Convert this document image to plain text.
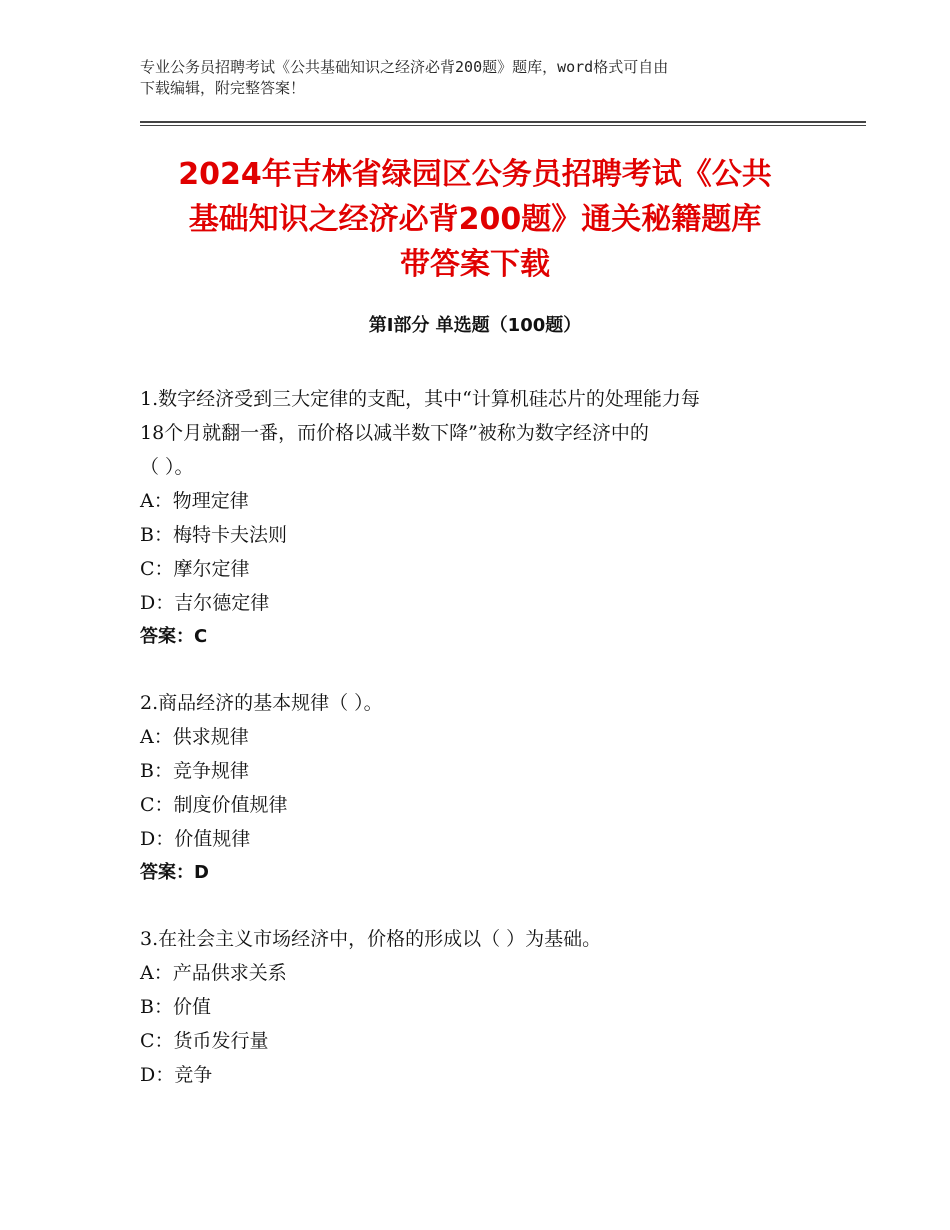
专业公务员招聘考试《公共基础知识之经济必背200题》题库，word格式可自由
下载编辑，附完整答案！
2024年吉林省绿园区公务员招聘考试《公共
基础知识之经济必背200题》通关秘籍题库
带答案下载
第Ⅰ部分 单选题（100题）

1.数字经济受到三大定律的支配，其中“计算机硅芯片的处理能力每

18个月就翻一番，而价格以减半数下降”被称为数字经济中的

（ ）。

A：物理定律

B：梅特卡夫法则

C：摩尔定律

D：吉尔德定律

答案：C

2.商品经济的基本规律（ ）。

A：供求规律

B：竞争规律

C：制度价值规律

D：价值规律

答案：D

3.在社会主义市场经济中，价格的形成以（ ）为基础。

A：产品供求关系

B：价值

C：货币发行量

D：竞争
